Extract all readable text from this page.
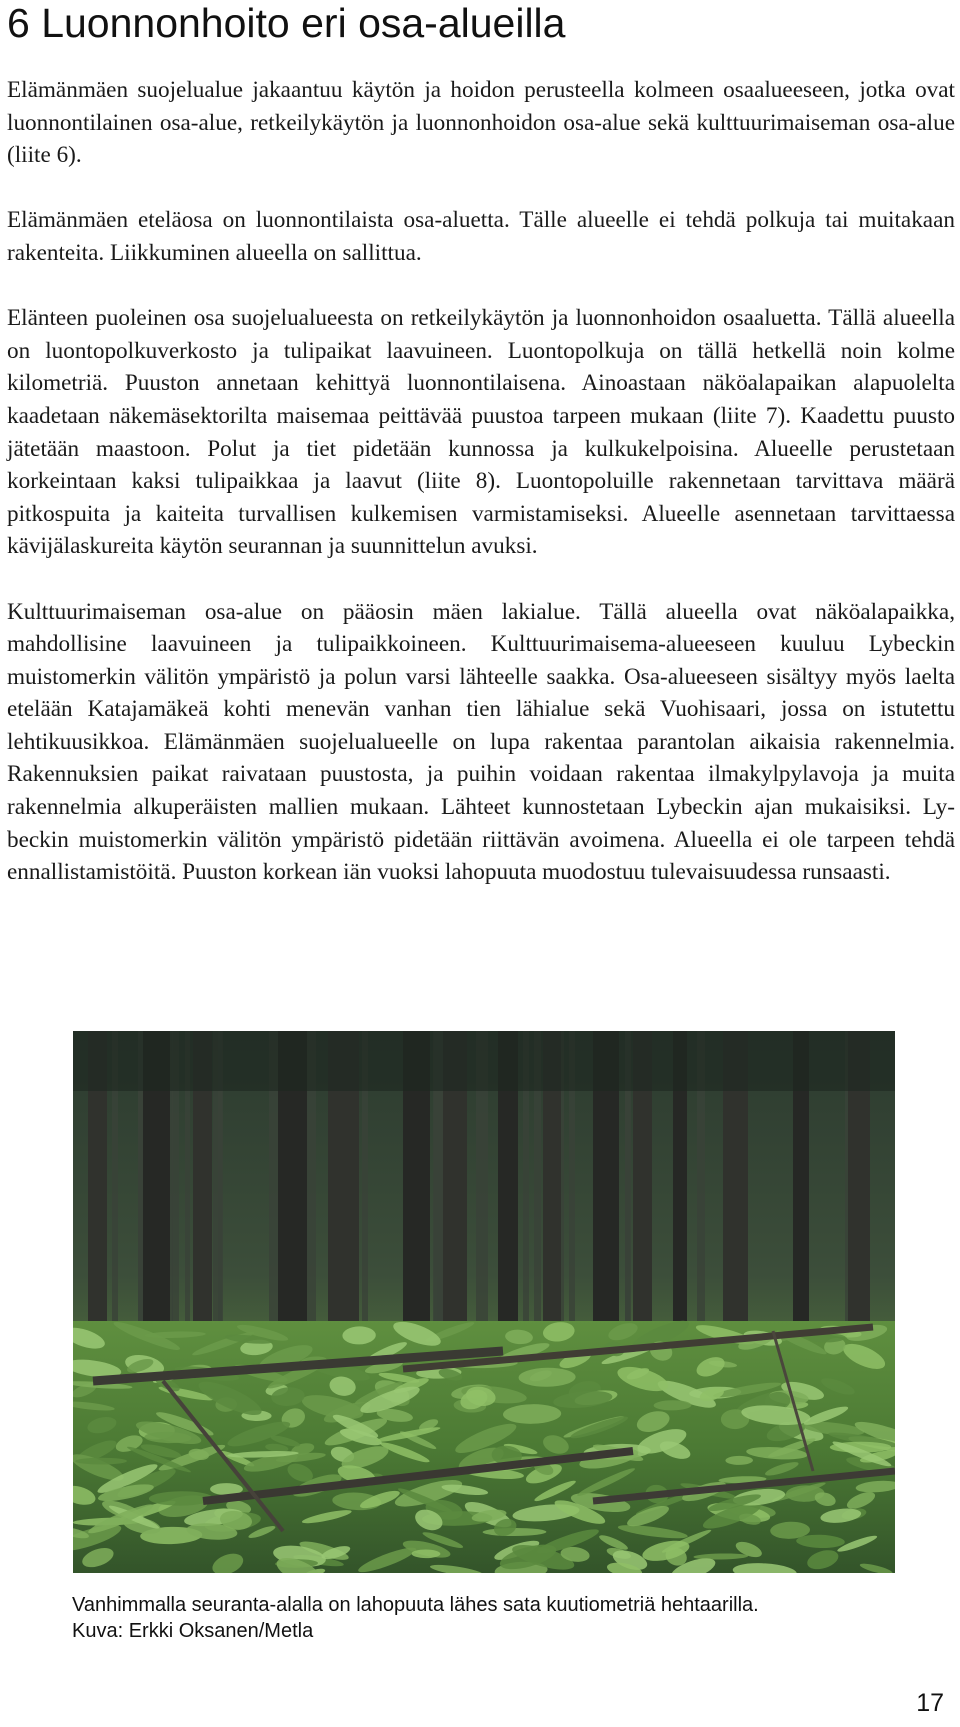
6 Luonnonhoito eri osa-alueilla

Elämänmäen suojelualue jakaantuu käytön ja hoidon perusteella kolmeen osaalueeseen, jotka ovat luonnontilainen osa-alue, retkeilykäytön ja luonnonhoidon osa-alue sekä kulttuurimaiseman osa-alue (liite 6).

Elämänmäen eteläosa on luonnontilaista osa-aluetta. Tälle alueelle ei tehdä polkuja tai muitakaan rakenteita. Liikkuminen alueella on sallittua.

Elänteen puoleinen osa suojelualueesta on retkeilykäytön ja luonnonhoidon osaaluetta. Tällä alueella on luontopolkuverkosto ja tulipaikat laavuineen. Luontopolkuja on tällä hetkellä noin kolme kilometriä. Puuston annetaan kehittyä luonnontilaisena. Ainoastaan näköalapaikan alapuolelta kaadetaan näkemäsektorilta maisemaa peittävää puustoa tarpeen mukaan (liite 7). Kaadettu puusto jätetään maastoon. Polut ja tiet pidetään kunnossa ja kulkukelpoisina. Alueelle perustetaan korkeintaan kaksi tulipaikkaa ja laavut (liite 8). Luontopoluille rakennetaan tarvittava määrä pitkospuita ja kaiteita turvallisen kulkemisen varmistamiseksi. Alueelle asennetaan tarvittaessa kävijälaskureita käytön seurannan ja suunnittelun avuksi.

Kulttuurimaiseman osa-alue on pääosin mäen lakialue. Tällä alueella ovat näköalapaikka, mahdollisine laavuineen ja tulipaikkoineen. Kulttuurimaisema-alueeseen kuuluu Lybeckin muistomerkin välitön ympäristö ja polun varsi lähteelle saakka. Osa-alueeseen sisältyy myös laelta etelään Katajamäkeä kohti menevän vanhan tien lähialue sekä Vuohisaari, jossa on istutettu lehtikuusikkoa. Elämänmäen suojelualueelle on lupa rakentaa parantolan aikaisia rakennelmia. Rakennuksien paikat raivataan puustosta, ja puihin voidaan rakentaa ilmakylpylavoja ja muita rakennelmia alkuperäisten mallien mukaan. Lähteet kunnostetaan Lybeckin ajan mukaisiksi. Lybeckin muistomerkin välitön ympäristö pidetään riittävän avoimena. Alueella ei ole tarpeen tehdä ennallistamistöitä. Puuston korkean iän vuoksi lahopuuta muodostuu tulevaisuudessa runsaasti.

Vanhimmalla seuranta-alalla on lahopuuta lähes sata kuutiometriä hehtaarilla.
Kuva: Erkki Oksanen/Metla
17
